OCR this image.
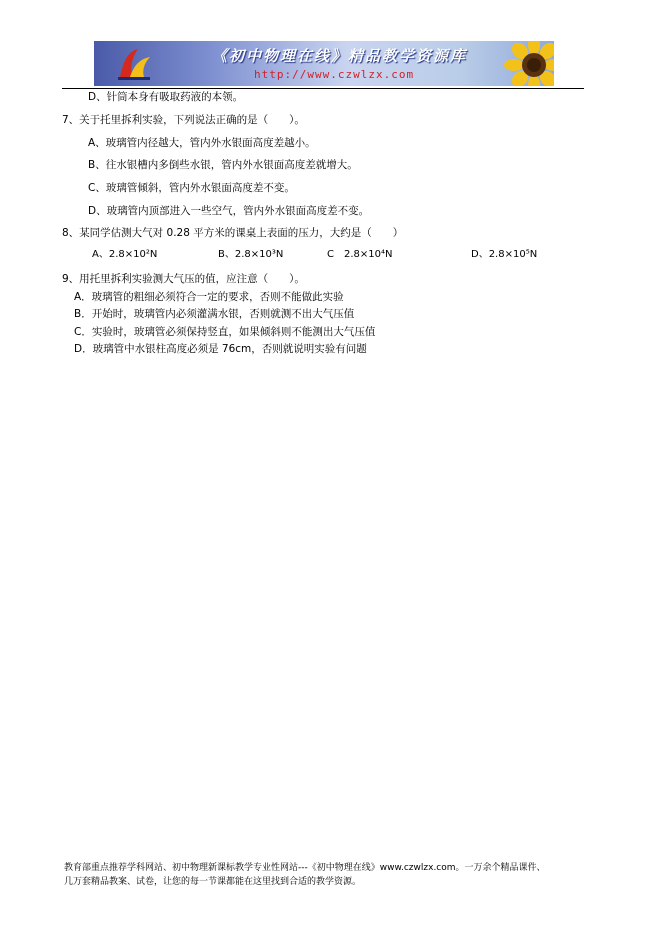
《初中物理在线》精品教学资源库
http://www.czwlzx.com
D、针筒本身有吸取药液的本领。
7、关于托里拆利实验，下列说法正确的是（　　）。
A、玻璃管内径越大，管内外水银面高度差越小。
B、往水银槽内多倒些水银，管内外水银面高度差就增大。
C、玻璃管倾斜，管内外水银面高度差不变。
D、玻璃管内顶部进入一些空气，管内外水银面高度差不变。
8、某同学估测大气对 0.28 平方米的课桌上表面的压力，大约是（　　）
A、2.8×10²N	B、2.8×10³N	C　2.8×10⁴N	D、2.8×10⁵N
9、用托里拆利实验测大气压的值，应注意（　　）。
A．玻璃管的粗细必须符合一定的要求，否则不能做此实验
B．开始时，玻璃管内必须灌满水银，否则就测不出大气压值
C．实验时，玻璃管必须保持竖直，如果倾斜则不能测出大气压值
D．玻璃管中水银柱高度必须是 76cm，否则就说明实验有问题
教育部重点推荐学科网站、初中物理新课标教学专业性网站---《初中物理在线》www.czwlzx.com。一万余个精品课件、
几万套精品教案、试卷，让您的每一节课都能在这里找到合适的教学资源。
